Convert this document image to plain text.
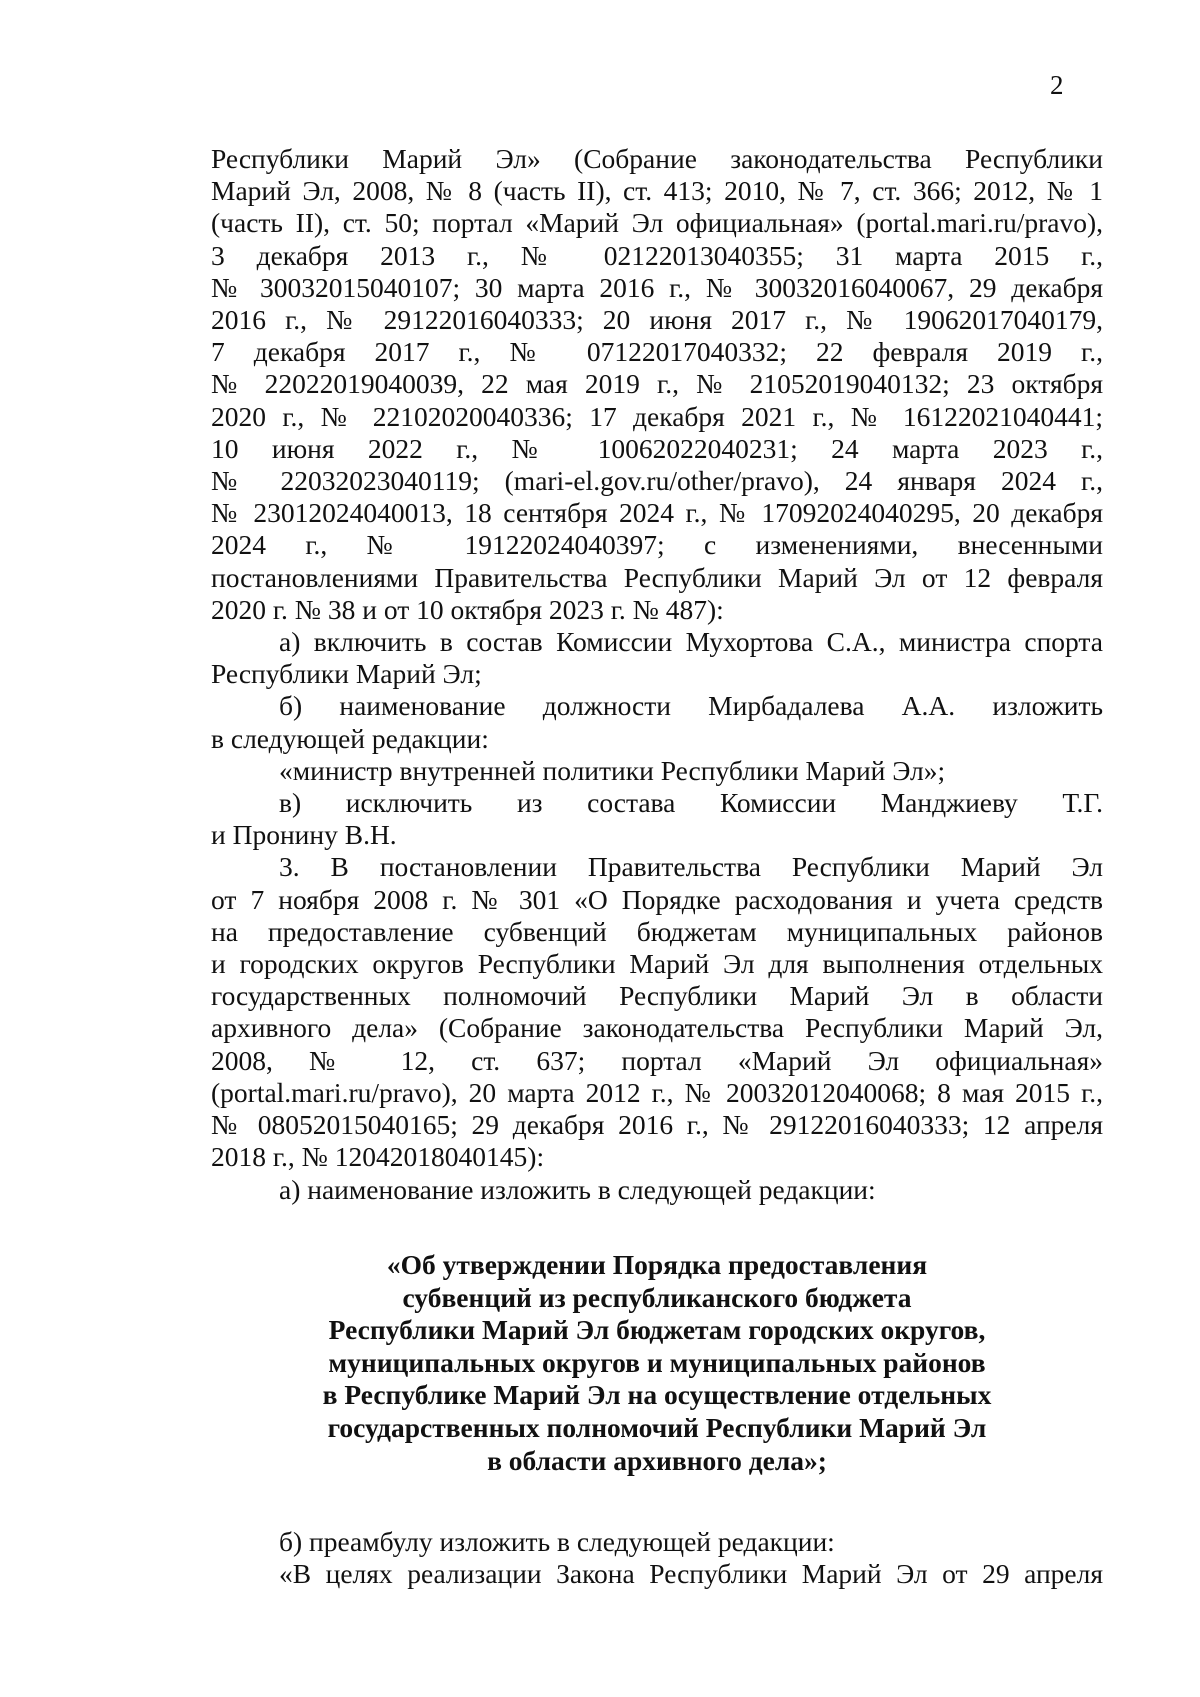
2
Республики Марий Эл» (Собрание законодательства Республики
Марий Эл, 2008, № 8 (часть II), ст. 413; 2010, № 7, ст. 366; 2012, № 1
(часть II), ст. 50; портал «Марий Эл официальная» (portal.mari.ru/pravo),
3 декабря 2013 г., № 02122013040355; 31 марта 2015 г.,
№ 30032015040107; 30 марта 2016 г., № 30032016040067, 29 декабря
2016 г., № 29122016040333; 20 июня 2017 г., № 19062017040179,
7 декабря 2017 г., № 07122017040332; 22 февраля 2019 г.,
№ 22022019040039, 22 мая 2019 г., № 21052019040132; 23 октября
2020 г., № 22102020040336; 17 декабря 2021 г., № 16122021040441;
10 июня 2022 г., № 10062022040231; 24 марта 2023 г.,
№ 22032023040119; (mari-el.gov.ru/other/pravo), 24 января 2024 г.,
№ 23012024040013, 18 сентября 2024 г., № 17092024040295, 20 декабря
2024 г., № 19122024040397; с изменениями, внесенными
постановлениями Правительства Республики Марий Эл от 12 февраля
2020 г. № 38 и от 10 октября 2023 г. № 487):
а) включить в состав Комиссии Мухортова С.А., министра спорта
Республики Марий Эл;
б) наименование должности Мирбадалева А.А. изложить
в следующей редакции:
«министр внутренней политики Республики Марий Эл»;
в) исключить из состава Комиссии Манджиеву Т.Г.
и Пронину В.Н.
3. В постановлении Правительства Республики Марий Эл
от 7 ноября 2008 г. № 301 «О Порядке расходования и учета средств
на предоставление субвенций бюджетам муниципальных районов
и городских округов Республики Марий Эл для выполнения отдельных
государственных полномочий Республики Марий Эл в области
архивного дела» (Собрание законодательства Республики Марий Эл,
2008, № 12, ст. 637; портал «Марий Эл официальная»
(portal.mari.ru/pravo), 20 марта 2012 г., № 20032012040068; 8 мая 2015 г.,
№ 08052015040165; 29 декабря 2016 г., № 29122016040333; 12 апреля
2018 г., № 12042018040145):
а) наименование изложить в следующей редакции:
«Об утверждении Порядка предоставления
субвенций из республиканского бюджета
Республики Марий Эл бюджетам городских округов,
муниципальных округов и муниципальных районов
в Республике Марий Эл на осуществление отдельных
государственных полномочий Республики Марий Эл
в области архивного дела»;
б) преамбулу изложить в следующей редакции:
«В целях реализации Закона Республики Марий Эл от 29 апреля
